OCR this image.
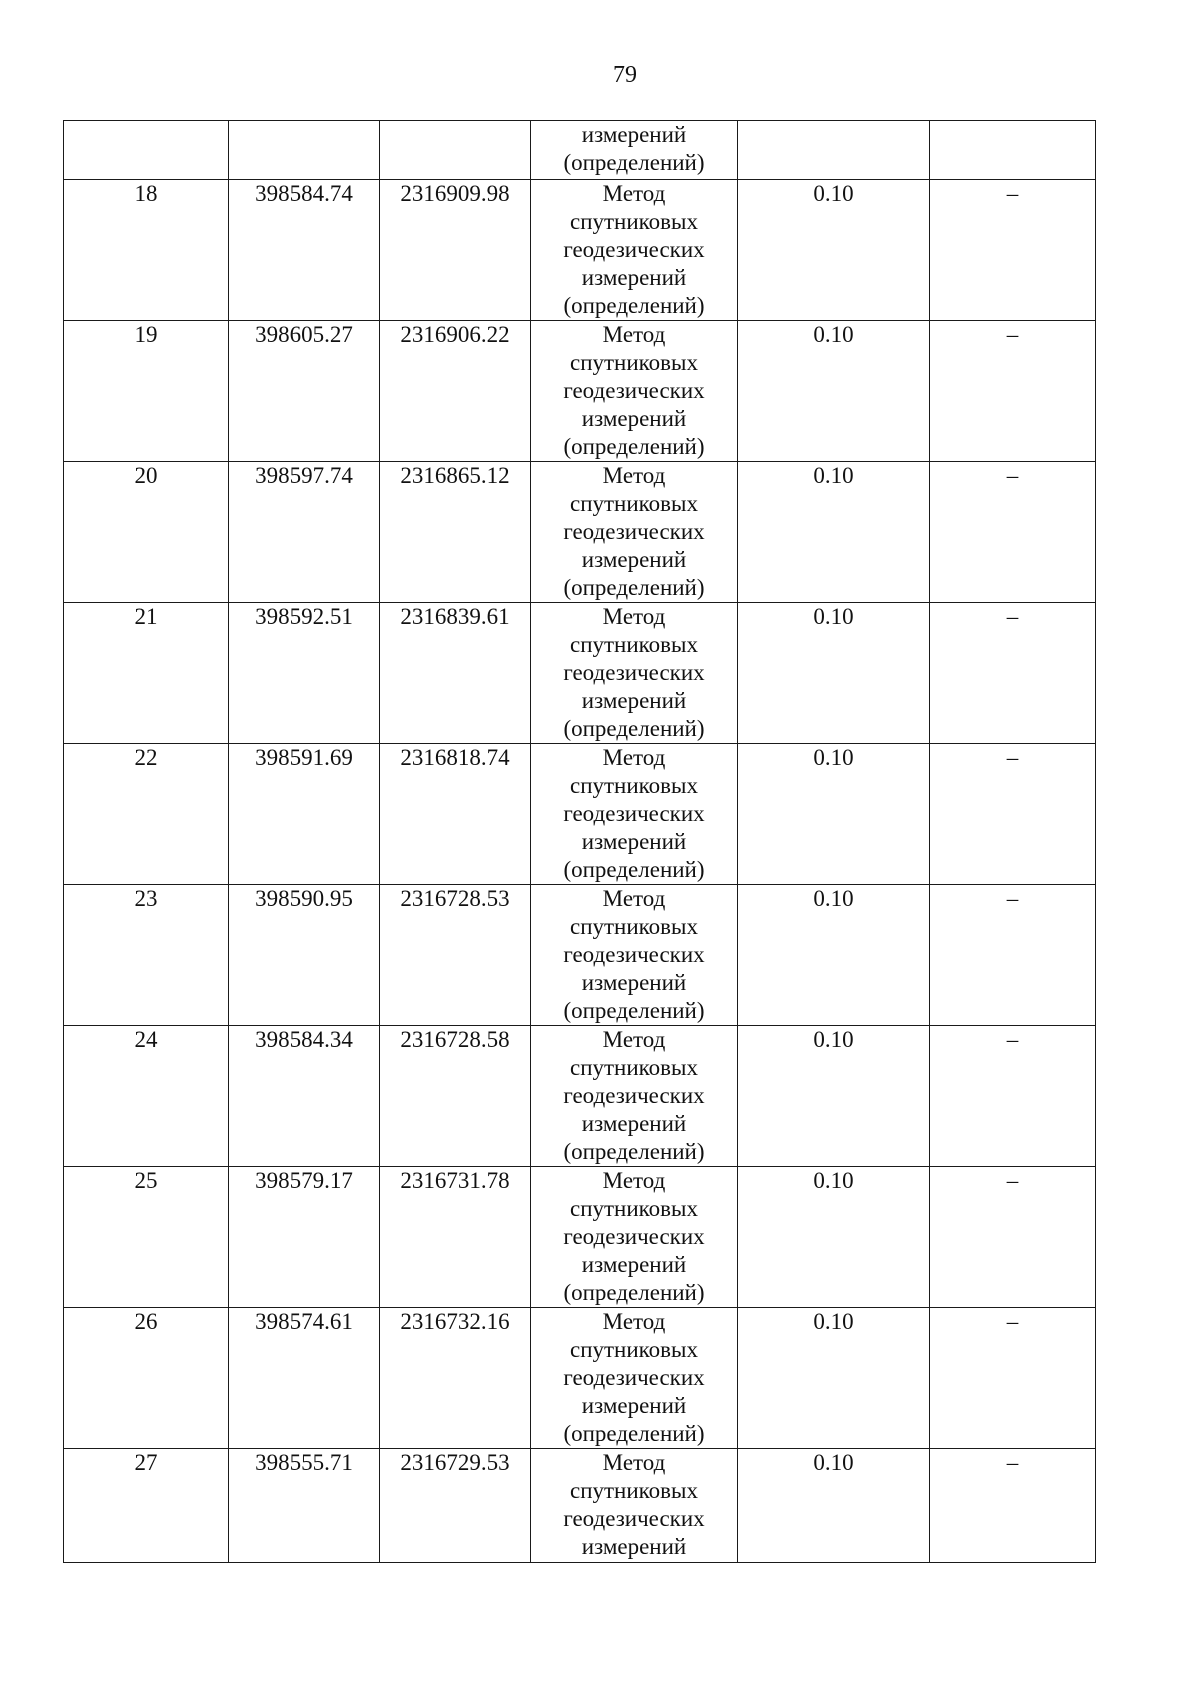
79

			измерений
(определений)		

18	398584.74	2316909.98	Метод
спутниковых
геодезических
измерений
(определений)	0.10	–
19	398605.27	2316906.22	Метод
спутниковых
геодезических
измерений
(определений)	0.10	–
20	398597.74	2316865.12	Метод
спутниковых
геодезических
измерений
(определений)	0.10	–
21	398592.51	2316839.61	Метод
спутниковых
геодезических
измерений
(определений)	0.10	–
22	398591.69	2316818.74	Метод
спутниковых
геодезических
измерений
(определений)	0.10	–
23	398590.95	2316728.53	Метод
спутниковых
геодезических
измерений
(определений)	0.10	–
24	398584.34	2316728.58	Метод
спутниковых
геодезических
измерений
(определений)	0.10	–
25	398579.17	2316731.78	Метод
спутниковых
геодезических
измерений
(определений)	0.10	–
26	398574.61	2316732.16	Метод
спутниковых
геодезических
измерений
(определений)	0.10	–
27	398555.71	2316729.53	Метод
спутниковых
геодезических
измерений	0.10	–
